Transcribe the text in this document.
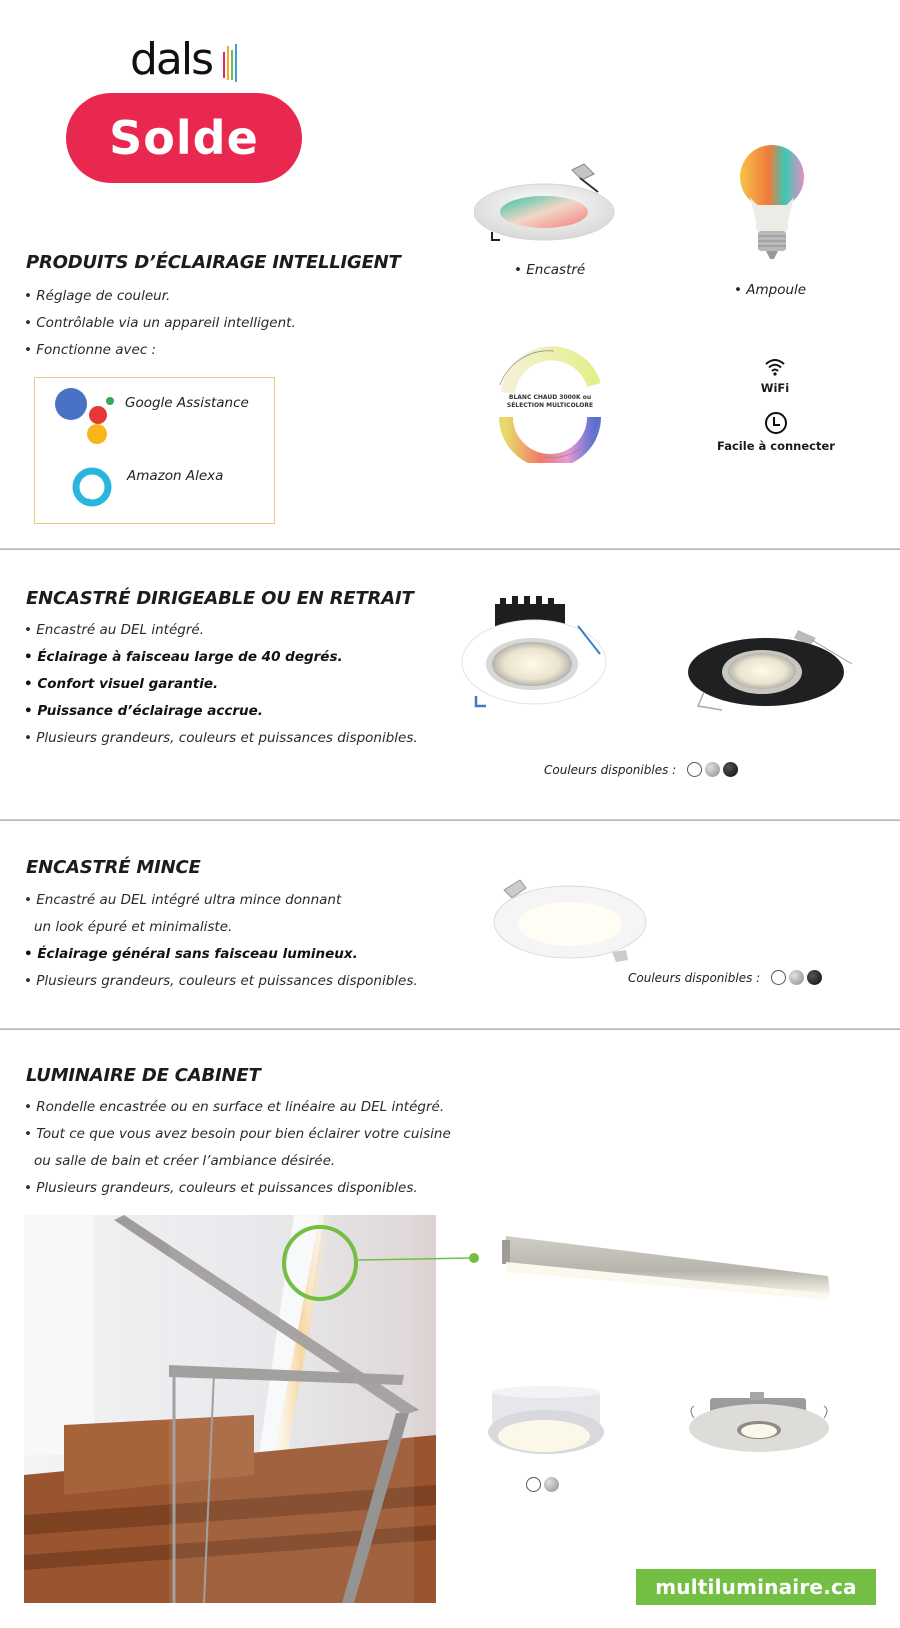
dals
Solde
PRODUITS D’ÉCLAIRAGE INTELLIGENT
• Réglage de couleur.
• Contrôlable via un appareil intelligent.
• Fonctionne avec :
Google Assistance
Amazon Alexa
• Encastré
• Ampoule
BLANC CHAUD 3000K ou
SÉLECTION MULTICOLORE
WiFi
Facile à connecter
ENCASTRÉ DIRIGEABLE OU EN RETRAIT
• Encastré au DEL intégré.
• Éclairage à faisceau large de 40 degrés.
• Confort visuel garantie.
• Puissance d’éclairage accrue.
• Plusieurs grandeurs, couleurs et puissances disponibles.
Couleurs disponibles :
ENCASTRÉ MINCE
• Encastré au DEL intégré ultra mince donnant
un look épuré et minimaliste.
• Éclairage général sans faisceau lumineux.
• Plusieurs grandeurs, couleurs et puissances disponibles.	Couleurs disponibles :
LUMINAIRE DE CABINET
• Rondelle encastrée ou en surface et linéaire au DEL intégré.
• Tout ce que vous avez besoin pour bien éclairer votre cuisine
ou salle de bain et créer l’ambiance désirée.
• Plusieurs grandeurs, couleurs et puissances disponibles.
multiluminaire.ca
